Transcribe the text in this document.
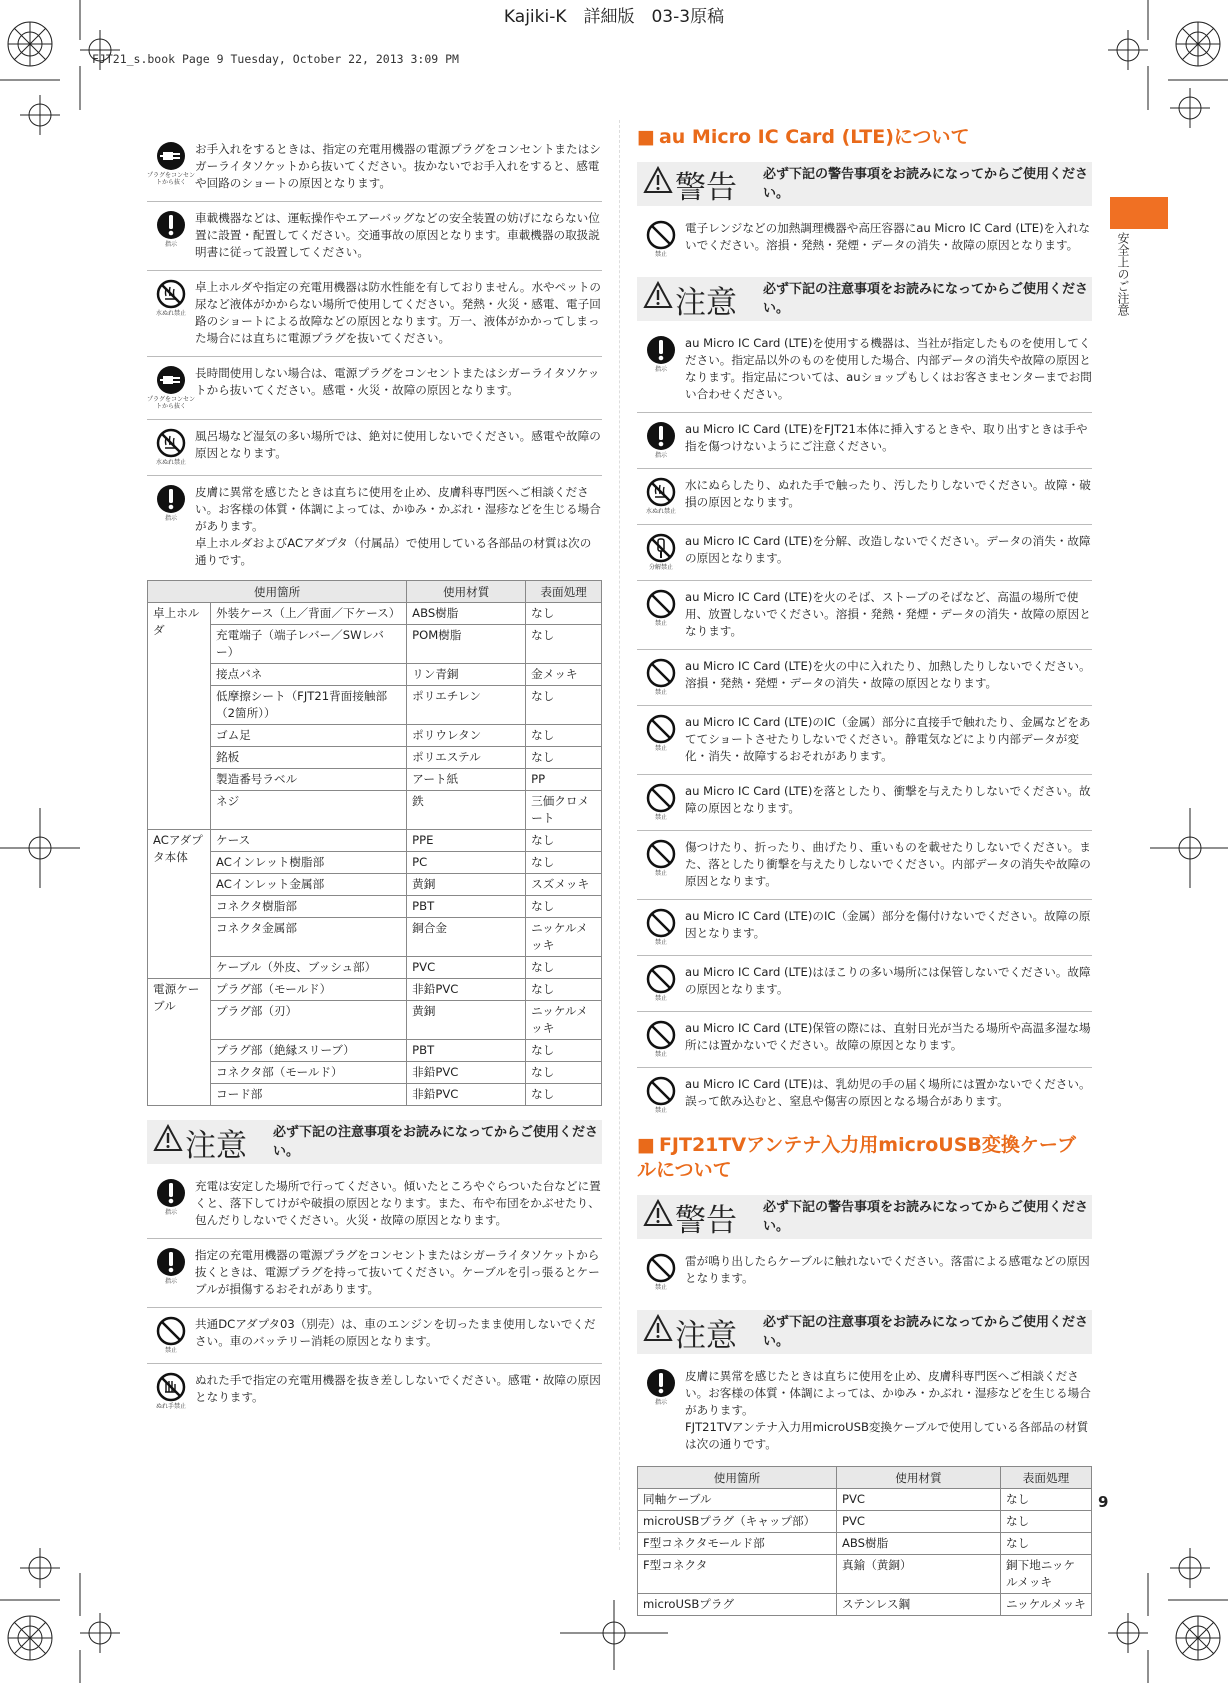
Kajiki-K　詳細版　03-3原稿
FJT21_s.book Page 9 Tuesday, October 22, 2013 3:09 PM
安全上のご注意
9
プラグをコンセントから抜く
お手入れをするときは、指定の充電用機器の電源プラグをコンセントまたはシガーライタソケットから抜いてください。抜かないでお手入れをすると、感電や回路のショートの原因となります。
指示
車載機器などは、運転操作やエアーバッグなどの安全装置の妨げにならない位置に設置・配置してください。交通事故の原因となります。車載機器の取扱説明書に従って設置してください。
水ぬれ禁止
卓上ホルダや指定の充電用機器は防水性能を有しておりません。水やペットの尿など液体がかからない場所で使用してください。発熱・火災・感電、電子回路のショートによる故障などの原因となります。万一、液体がかかってしまった場合には直ちに電源プラグを抜いてください。
プラグをコンセントから抜く
長時間使用しない場合は、電源プラグをコンセントまたはシガーライタソケットから抜いてください。感電・火災・故障の原因となります。
水ぬれ禁止
風呂場など湿気の多い場所では、絶対に使用しないでください。感電や故障の原因となります。
指示
皮膚に異常を感じたときは直ちに使用を止め、皮膚科専門医へご相談ください。お客様の体質・体調によっては、かゆみ・かぶれ・湿疹などを生じる場合があります。
卓上ホルダおよびACアダプタ（付属品）で使用している各部品の材質は次の通りです。
使用箇所		使用材質	表面処理
卓上ホルダ	外装ケース（上／背面／下ケース）	ABS樹脂	なし
	充電端子（端子レバー／SWレバー）	POM樹脂	なし
	接点バネ	リン青銅	金メッキ
	低摩擦シート（FJT21背面接触部（2箇所））	ポリエチレン	なし
	ゴム足	ポリウレタン	なし
	銘板	ポリエステル	なし
	製造番号ラベル	アート紙	PP
	ネジ	鉄	三価クロメート
ACアダプタ本体	ケース	PPE	なし
	ACインレット樹脂部	PC	なし
	ACインレット金属部	黄銅	スズメッキ
	コネクタ樹脂部	PBT	なし
	コネクタ金属部	銅合金	ニッケルメッキ
	ケーブル（外皮、ブッシュ部）	PVC	なし
電源ケーブル	プラグ部（モールド）	非鉛PVC	なし
	プラグ部（刃）	黄銅	ニッケルメッキ
	プラグ部（絶縁スリーブ）	PBT	なし
	コネクタ部（モールド）	非鉛PVC	なし
	コード部	非鉛PVC	なし
注意 必ず下記の注意事項をお読みになってからご使用ください。
指示
充電は安定した場所で行ってください。傾いたところやぐらついた台などに置くと、落下してけがや破損の原因となります。また、布や布団をかぶせたり、包んだりしないでください。火災・故障の原因となります。
指示
指定の充電用機器の電源プラグをコンセントまたはシガーライタソケットから抜くときは、電源プラグを持って抜いてください。ケーブルを引っ張るとケーブルが損傷するおそれがあります。
禁止
共通DCアダプタ03（別売）は、車のエンジンを切ったまま使用しないでください。車のバッテリー消耗の原因となります。
ぬれ手禁止
ぬれた手で指定の充電用機器を抜き差ししないでください。感電・故障の原因となります。
■ au Micro IC Card (LTE)について
警告 必ず下記の警告事項をお読みになってからご使用ください。
禁止
電子レンジなどの加熱調理機器や高圧容器にau Micro IC Card (LTE)を入れないでください。溶損・発熱・発煙・データの消失・故障の原因となります。
注意 必ず下記の注意事項をお読みになってからご使用ください。
指示
au Micro IC Card (LTE)を使用する機器は、当社が指定したものを使用してください。指定品以外のものを使用した場合、内部データの消失や故障の原因となります。指定品については、auショップもしくはお客さまセンターまでお問い合わせください。
指示
au Micro IC Card (LTE)をFJT21本体に挿入するときや、取り出すときは手や指を傷つけないようにご注意ください。
水ぬれ禁止
水にぬらしたり、ぬれた手で触ったり、汚したりしないでください。故障・破損の原因となります。
分解禁止
au Micro IC Card (LTE)を分解、改造しないでください。データの消失・故障の原因となります。
禁止
au Micro IC Card (LTE)を火のそば、ストーブのそばなど、高温の場所で使用、放置しないでください。溶損・発熱・発煙・データの消失・故障の原因となります。
禁止
au Micro IC Card (LTE)を火の中に入れたり、加熱したりしないでください。溶損・発熱・発煙・データの消失・故障の原因となります。
禁止
au Micro IC Card (LTE)のIC（金属）部分に直接手で触れたり、金属などをあててショートさせたりしないでください。静電気などにより内部データが変化・消失・故障するおそれがあります。
禁止
au Micro IC Card (LTE)を落としたり、衝撃を与えたりしないでください。故障の原因となります。
禁止
傷つけたり、折ったり、曲げたり、重いものを載せたりしないでください。また、落としたり衝撃を与えたりしないでください。内部データの消失や故障の原因となります。
禁止
au Micro IC Card (LTE)のIC（金属）部分を傷付けないでください。故障の原因となります。
禁止
au Micro IC Card (LTE)はほこりの多い場所には保管しないでください。故障の原因となります。
禁止
au Micro IC Card (LTE)保管の際には、直射日光が当たる場所や高温多湿な場所には置かないでください。故障の原因となります。
禁止
au Micro IC Card (LTE)は、乳幼児の手の届く場所には置かないでください。誤って飲み込むと、窒息や傷害の原因となる場合があります。
■ FJT21TVアンテナ入力用microUSB変換ケーブルについて
警告 必ず下記の警告事項をお読みになってからご使用ください。
禁止
雷が鳴り出したらケーブルに触れないでください。落雷による感電などの原因となります。
注意 必ず下記の注意事項をお読みになってからご使用ください。
指示
皮膚に異常を感じたときは直ちに使用を止め、皮膚科専門医へご相談ください。お客様の体質・体調によっては、かゆみ・かぶれ・湿疹などを生じる場合があります。
FJT21TVアンテナ入力用microUSB変換ケーブルで使用している各部品の材質は次の通りです。
使用箇所	使用材質	表面処理
同軸ケーブル	PVC	なし
microUSBプラグ（キャップ部）	PVC	なし
F型コネクタモールド部	ABS樹脂	なし
F型コネクタ	真鍮（黄銅）	銅下地ニッケルメッキ
microUSBプラグ	ステンレス鋼	ニッケルメッキ
